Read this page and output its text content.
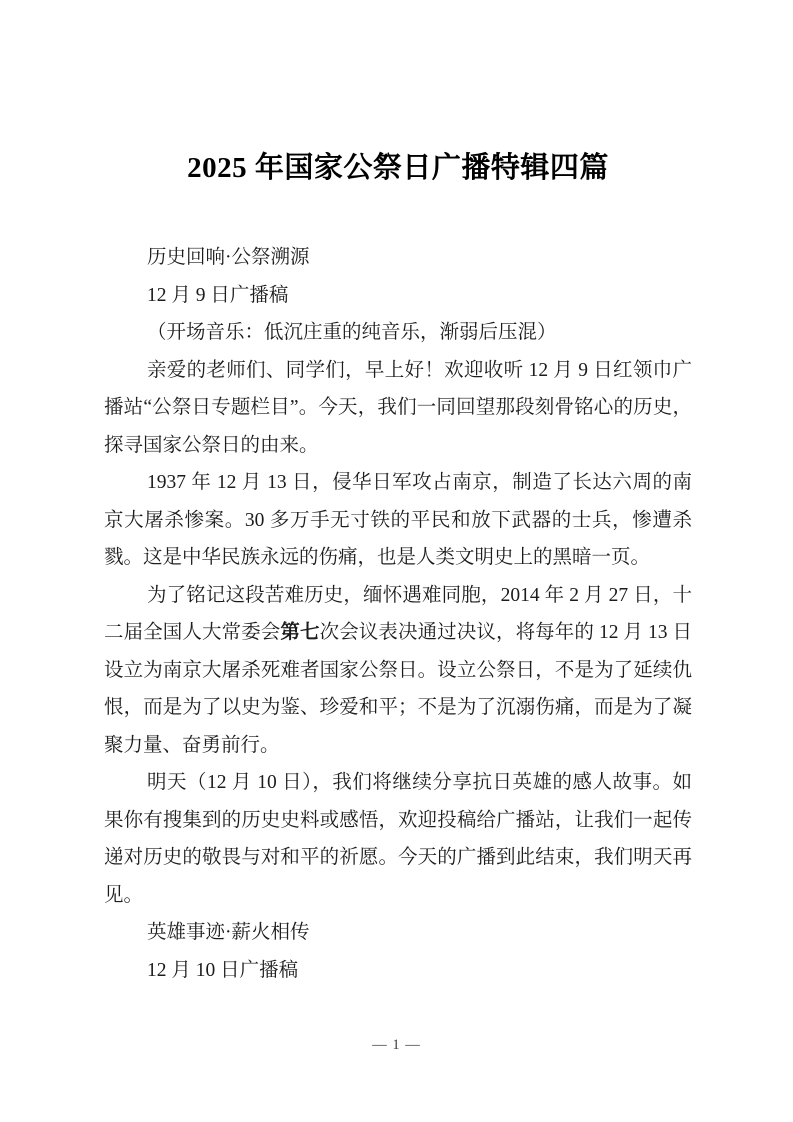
2025 年国家公祭日广播特辑四篇

历史回响·公祭溯源

12 月 9 日广播稿

（开场音乐：低沉庄重的纯音乐，渐弱后压混）

亲爱的老师们、同学们，早上好！欢迎收听 12 月 9 日红领巾广播站“公祭日专题栏目”。今天，我们一同回望那段刻骨铭心的历史，探寻国家公祭日的由来。

1937 年 12 月 13 日，侵华日军攻占南京，制造了长达六周的南京大屠杀惨案。30 多万手无寸铁的平民和放下武器的士兵，惨遭杀戮。这是中华民族永远的伤痛，也是人类文明史上的黑暗一页。

为了铭记这段苦难历史，缅怀遇难同胞，2014 年 2 月 27 日，十二届全国人大常委会第七次会议表决通过决议，将每年的 12 月 13 日设立为南京大屠杀死难者国家公祭日。设立公祭日，不是为了延续仇恨，而是为了以史为鉴、珍爱和平；不是为了沉溺伤痛，而是为了凝聚力量、奋勇前行。

明天（12 月 10 日），我们将继续分享抗日英雄的感人故事。如果你有搜集到的历史史料或感悟，欢迎投稿给广播站，让我们一起传递对历史的敬畏与对和平的祈愿。今天的广播到此结束，我们明天再见。

英雄事迹·薪火相传

12 月 10 日广播稿

— 1 —
